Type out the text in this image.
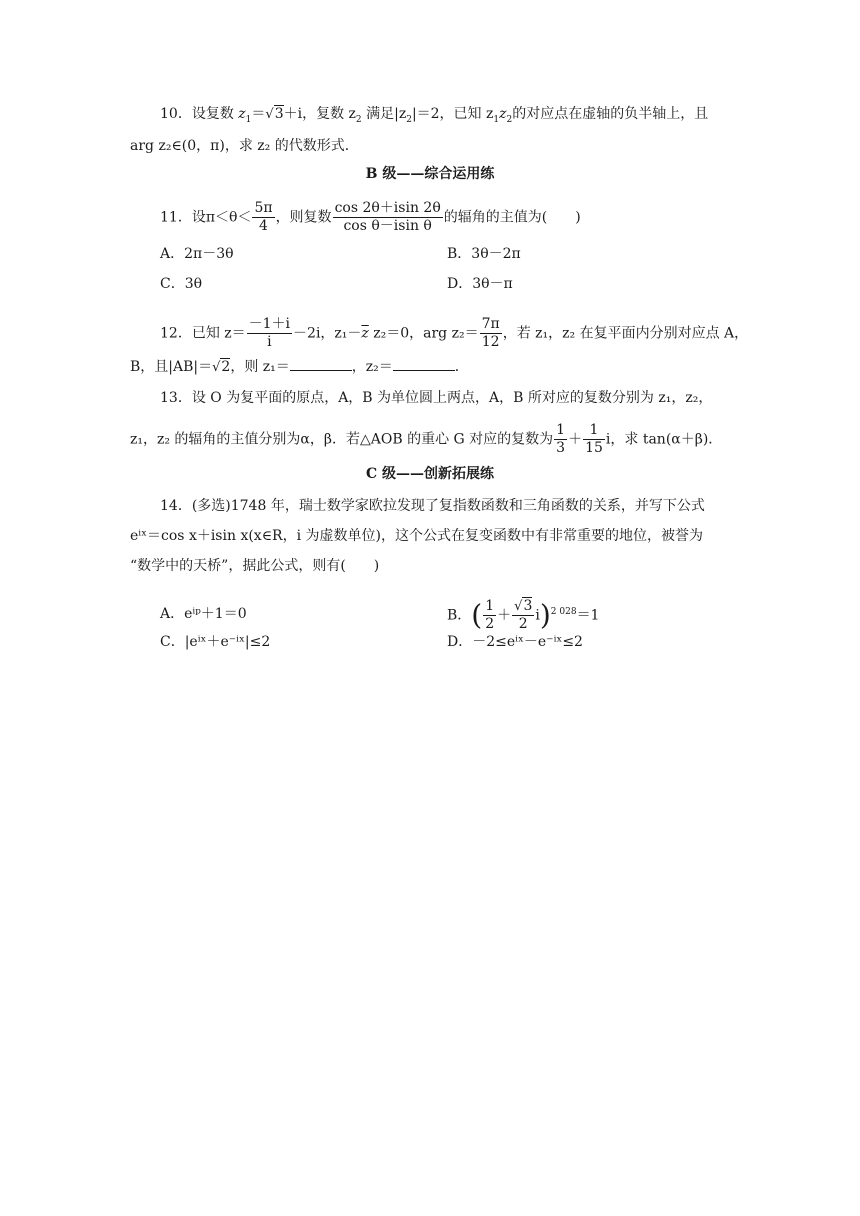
10．设复数 $z_1=√3+i$，复数 $z_2$ 满足$|z_2|=2$，已知 $z_1z_2$的对应点在虚轴的负半轴上，且
arg z₂∈(0，π)，求 z₂ 的代数形式．
B 级——综合运用练
11．设$\pi<\theta< \frac{5\pi}{4}$ ，则复数 $\frac{\cos 2\theta+isin 2\theta}{\text{cos θ－isin θ}}$ 的辐角的主值为(　　)
A．2π－3θ	B．3θ－2π
C．3θ	D．3θ－π
12．已知 $z= \frac{-1+i}{i} -2i$，$z_1-\overline{z}$ z₂＝0，arg $z_2= \frac{7\pi}{12}$ ，若 z₁，z₂ 在复平面内分别对应点 A，
B，且|AB|＝√2，则 z₁＝	，z₂＝	．
13．设 O 为复平面的原点，A，B 为单位圆上两点，A，B 所对应的复数分别为 z₁，z₂，
z₁，z₂ 的辐角的主值分别为α，β．若△AOB 的重心 G 对应的复数为 $\frac{1}{3} + \frac{1}{15}$ i，求 tan(α＋β)．
C 级——创新拓展练
14．(多选)1748 年，瑞士数学家欧拉发现了复指数函数和三角函数的关系，并写下公式
eⁱˣ＝cos x＋isin x(x∈R，i 为虚数单位)，这个公式在复变函数中有非常重要的地位，被誉为
“数学中的天桥”，据此公式，则有(　　)
A．eⁱᵖ＋1＝0	B．( $\frac{1}{2} + \frac{√3}{2} i)^{2 028}=1$
C．|eⁱˣ＋e⁻ⁱˣ|≤2	D．－2≤eⁱˣ－e⁻ⁱˣ≤2
